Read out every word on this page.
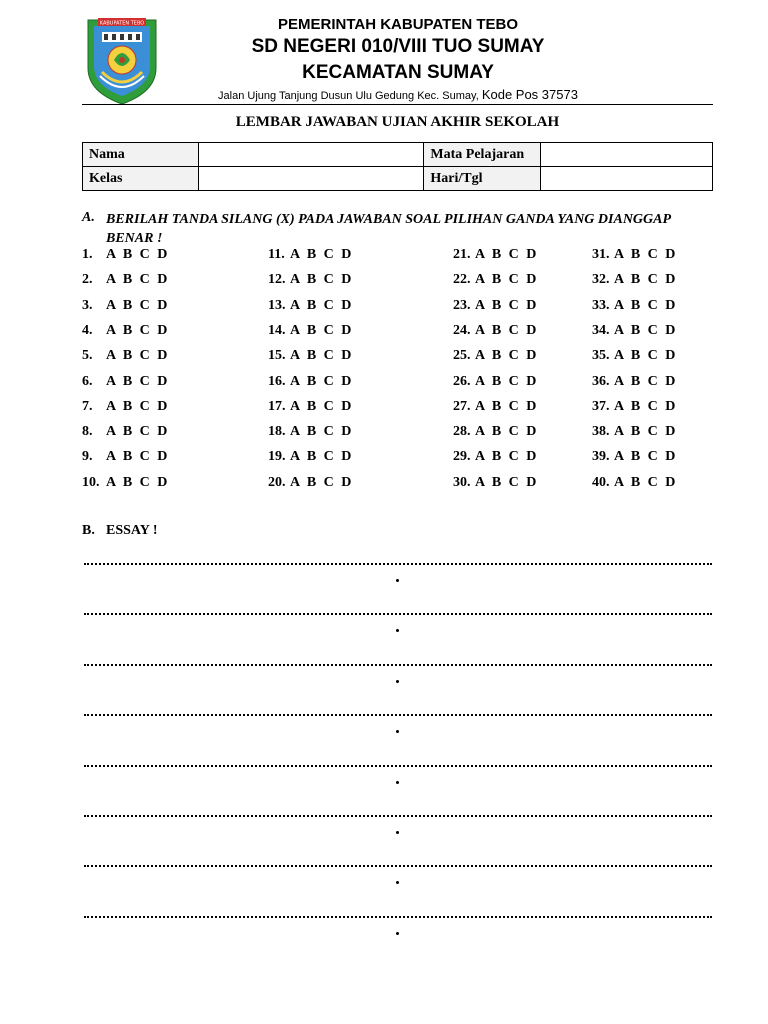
KABUPATEN TEBO	PEMERINTAH KABUPATEN TEBO
SD NEGERI 010/VIII TUO SUMAY
KECAMATAN SUMAY
Jalan Ujung Tanjung Dusun Ulu Gedung Kec. Sumay, Kode Pos 37573
LEMBAR JAWABAN UJIAN AKHIR SEKOLAH
Nama		Mata Pelajaran	
Kelas		Hari/Tgl	
A. BERILAH TANDA SILANG (X) PADA JAWABAN SOAL PILIHAN GANDA YANG DIANGGAP BENAR !
1. A B C D
2. A B C D
3. A B C D
4. A B C D
5. A B C D
6. A B C D
7. A B C D
8. A B C D
9. A B C D
10. A B C D
11. A B C D
12. A B C D
13. A B C D
14. A B C D
15. A B C D
16. A B C D
17. A B C D
18. A B C D
19. A B C D
20. A B C D
21. A B C D
22. A B C D
23. A B C D
24. A B C D
25. A B C D
26. A B C D
27. A B C D
28. A B C D
29. A B C D
30. A B C D
31. A B C D
32. A B C D
33. A B C D
34. A B C D
35. A B C D
36. A B C D
37. A B C D
38. A B C D
39. A B C D
40. A B C D
B. ESSAY !
